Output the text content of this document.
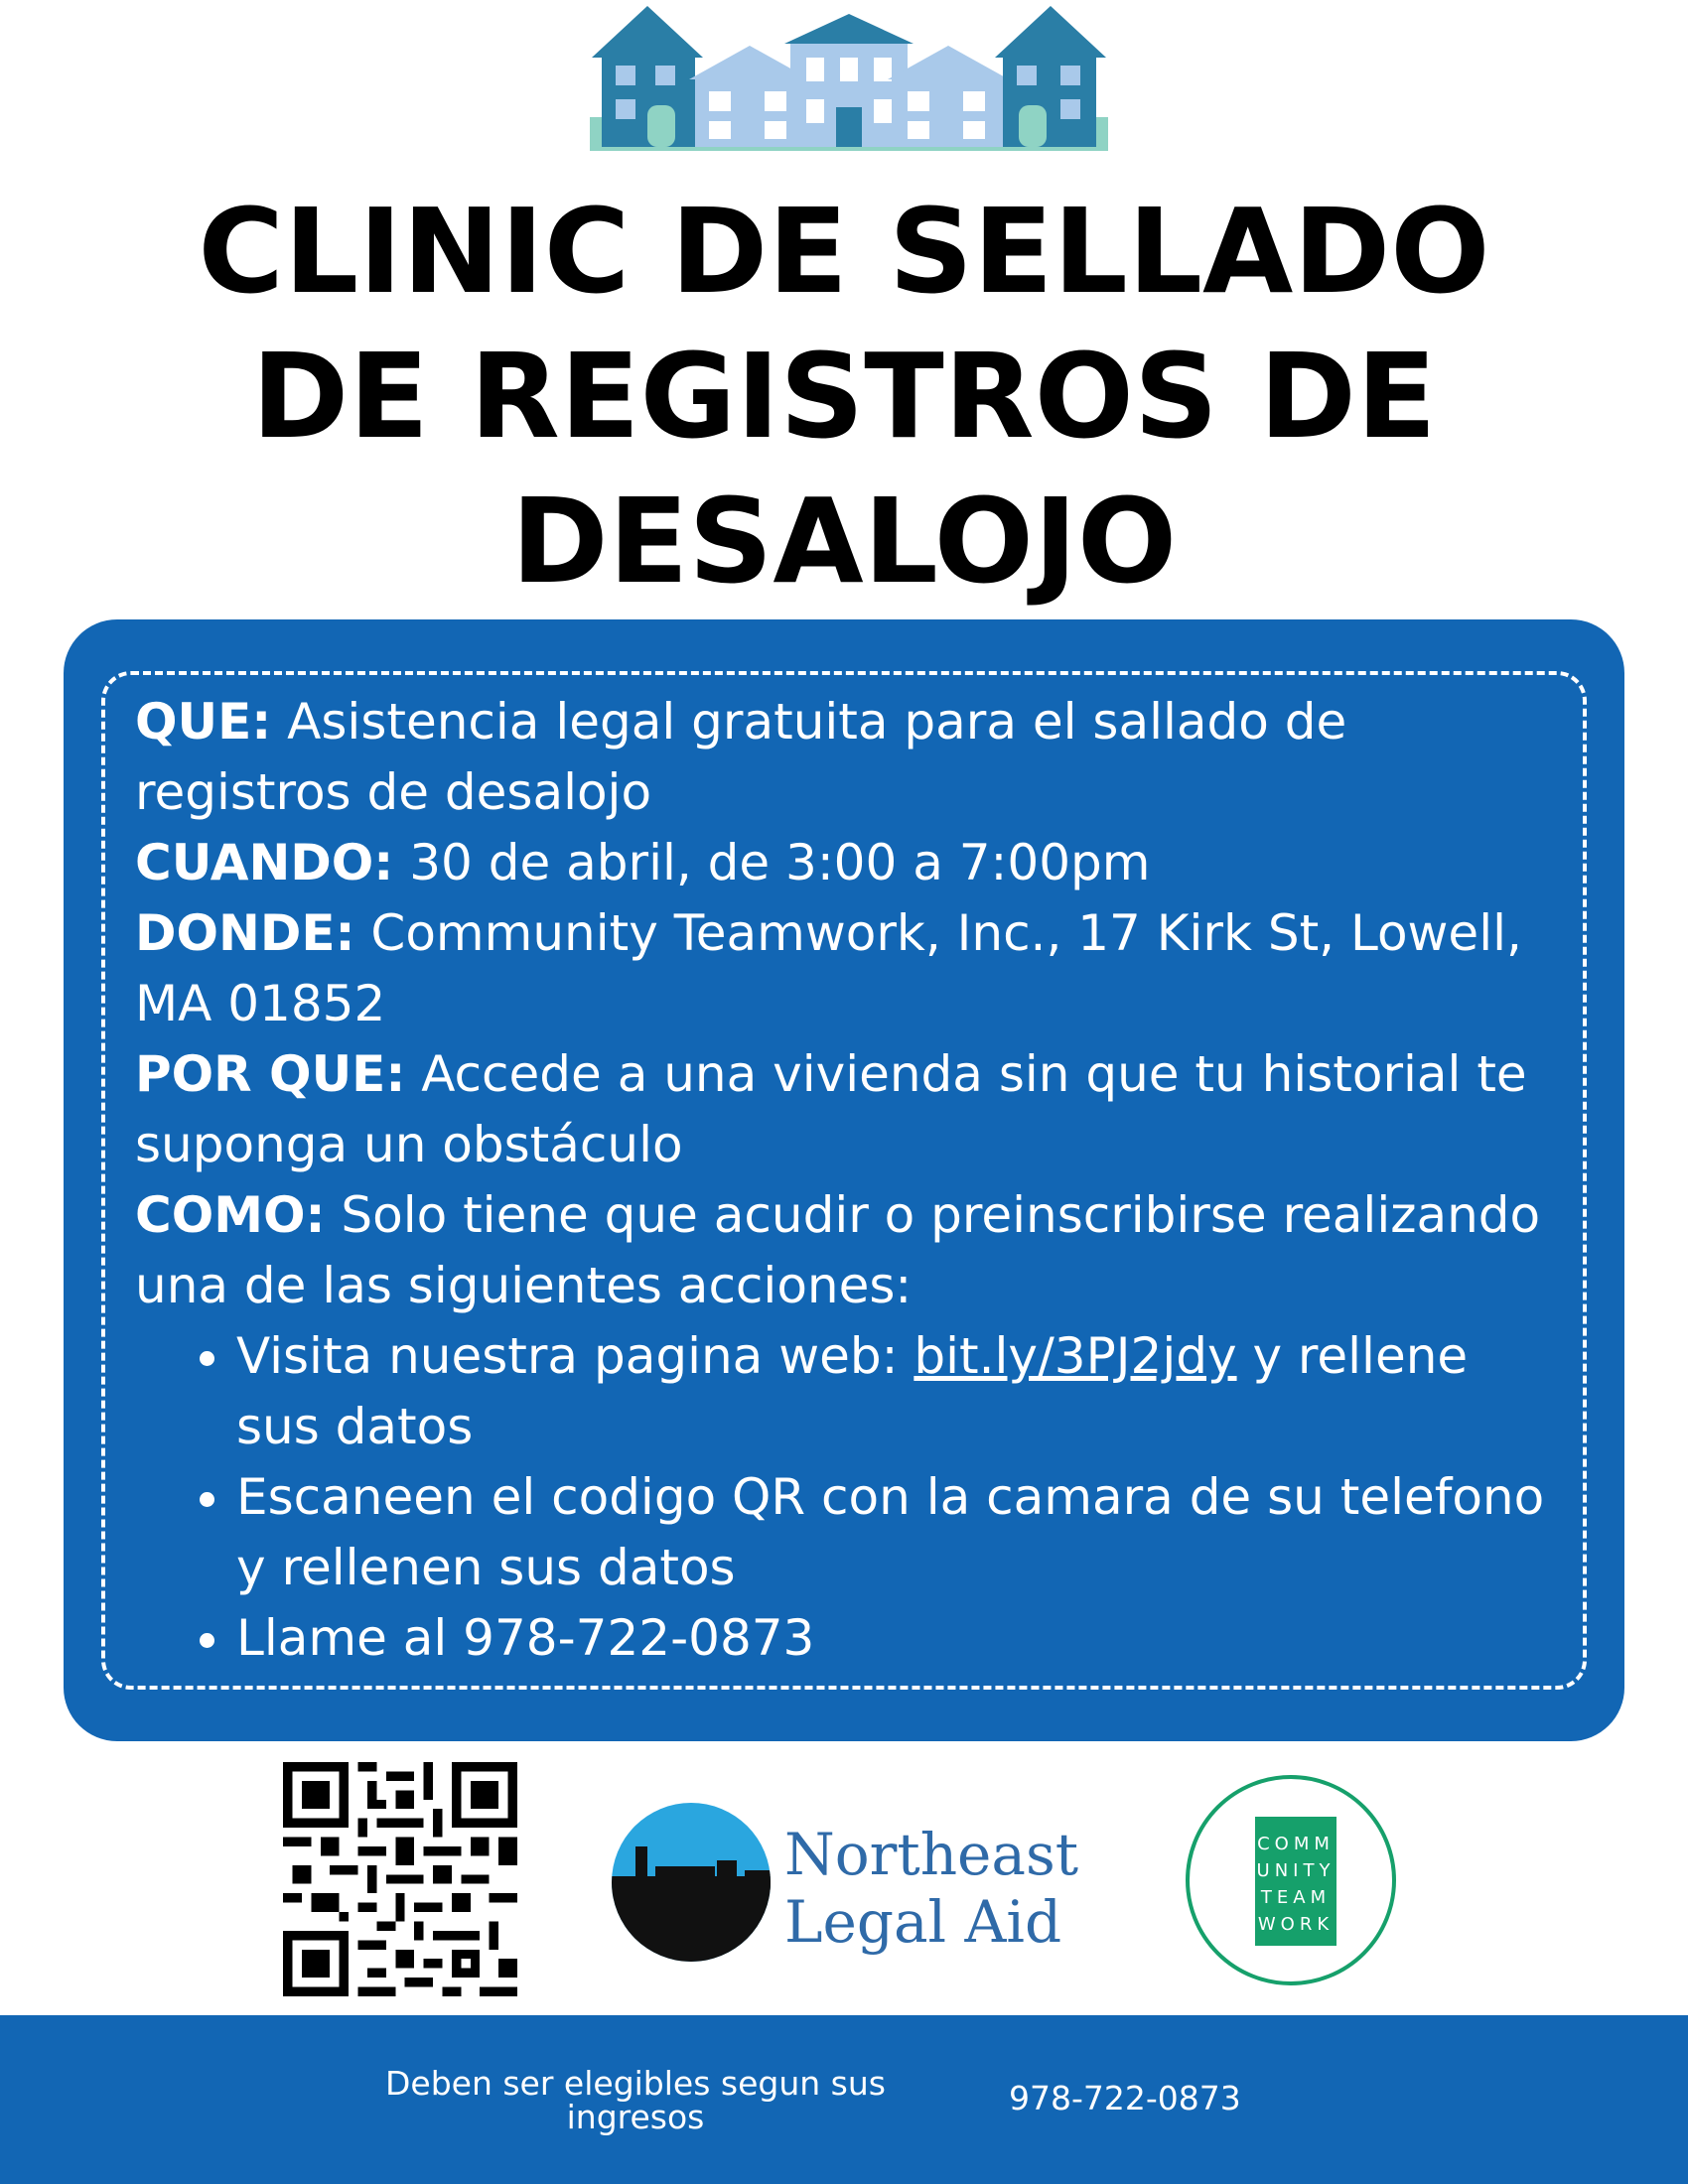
CLINIC DE SELLADO
DE REGISTROS DE
DESALOJO

QUE: Asistencia legal gratuita para el sallado de registros de desalojo

CUANDO: 30 de abril, de 3:00 a 7:00pm

DONDE: Community Teamwork, Inc., 17 Kirk St, Lowell, MA 01852

POR QUE: Accede a una vivienda sin que tu historial te suponga un obstáculo

COMO: Solo tiene que acudir o preinscribirse realizando una de las siguientes acciones:

• Visita nuestra pagina web: bit.ly/3PJ2jdy y rellene sus datos
• Escaneen el codigo QR con la camara de su telefono y rellenen sus datos
• Llame al 978-722-0873
Northeast
Legal Aid
COMM
UNITY
TEAM
WORK
Deben ser elegibles segun sus ingresos	978-722-0873
